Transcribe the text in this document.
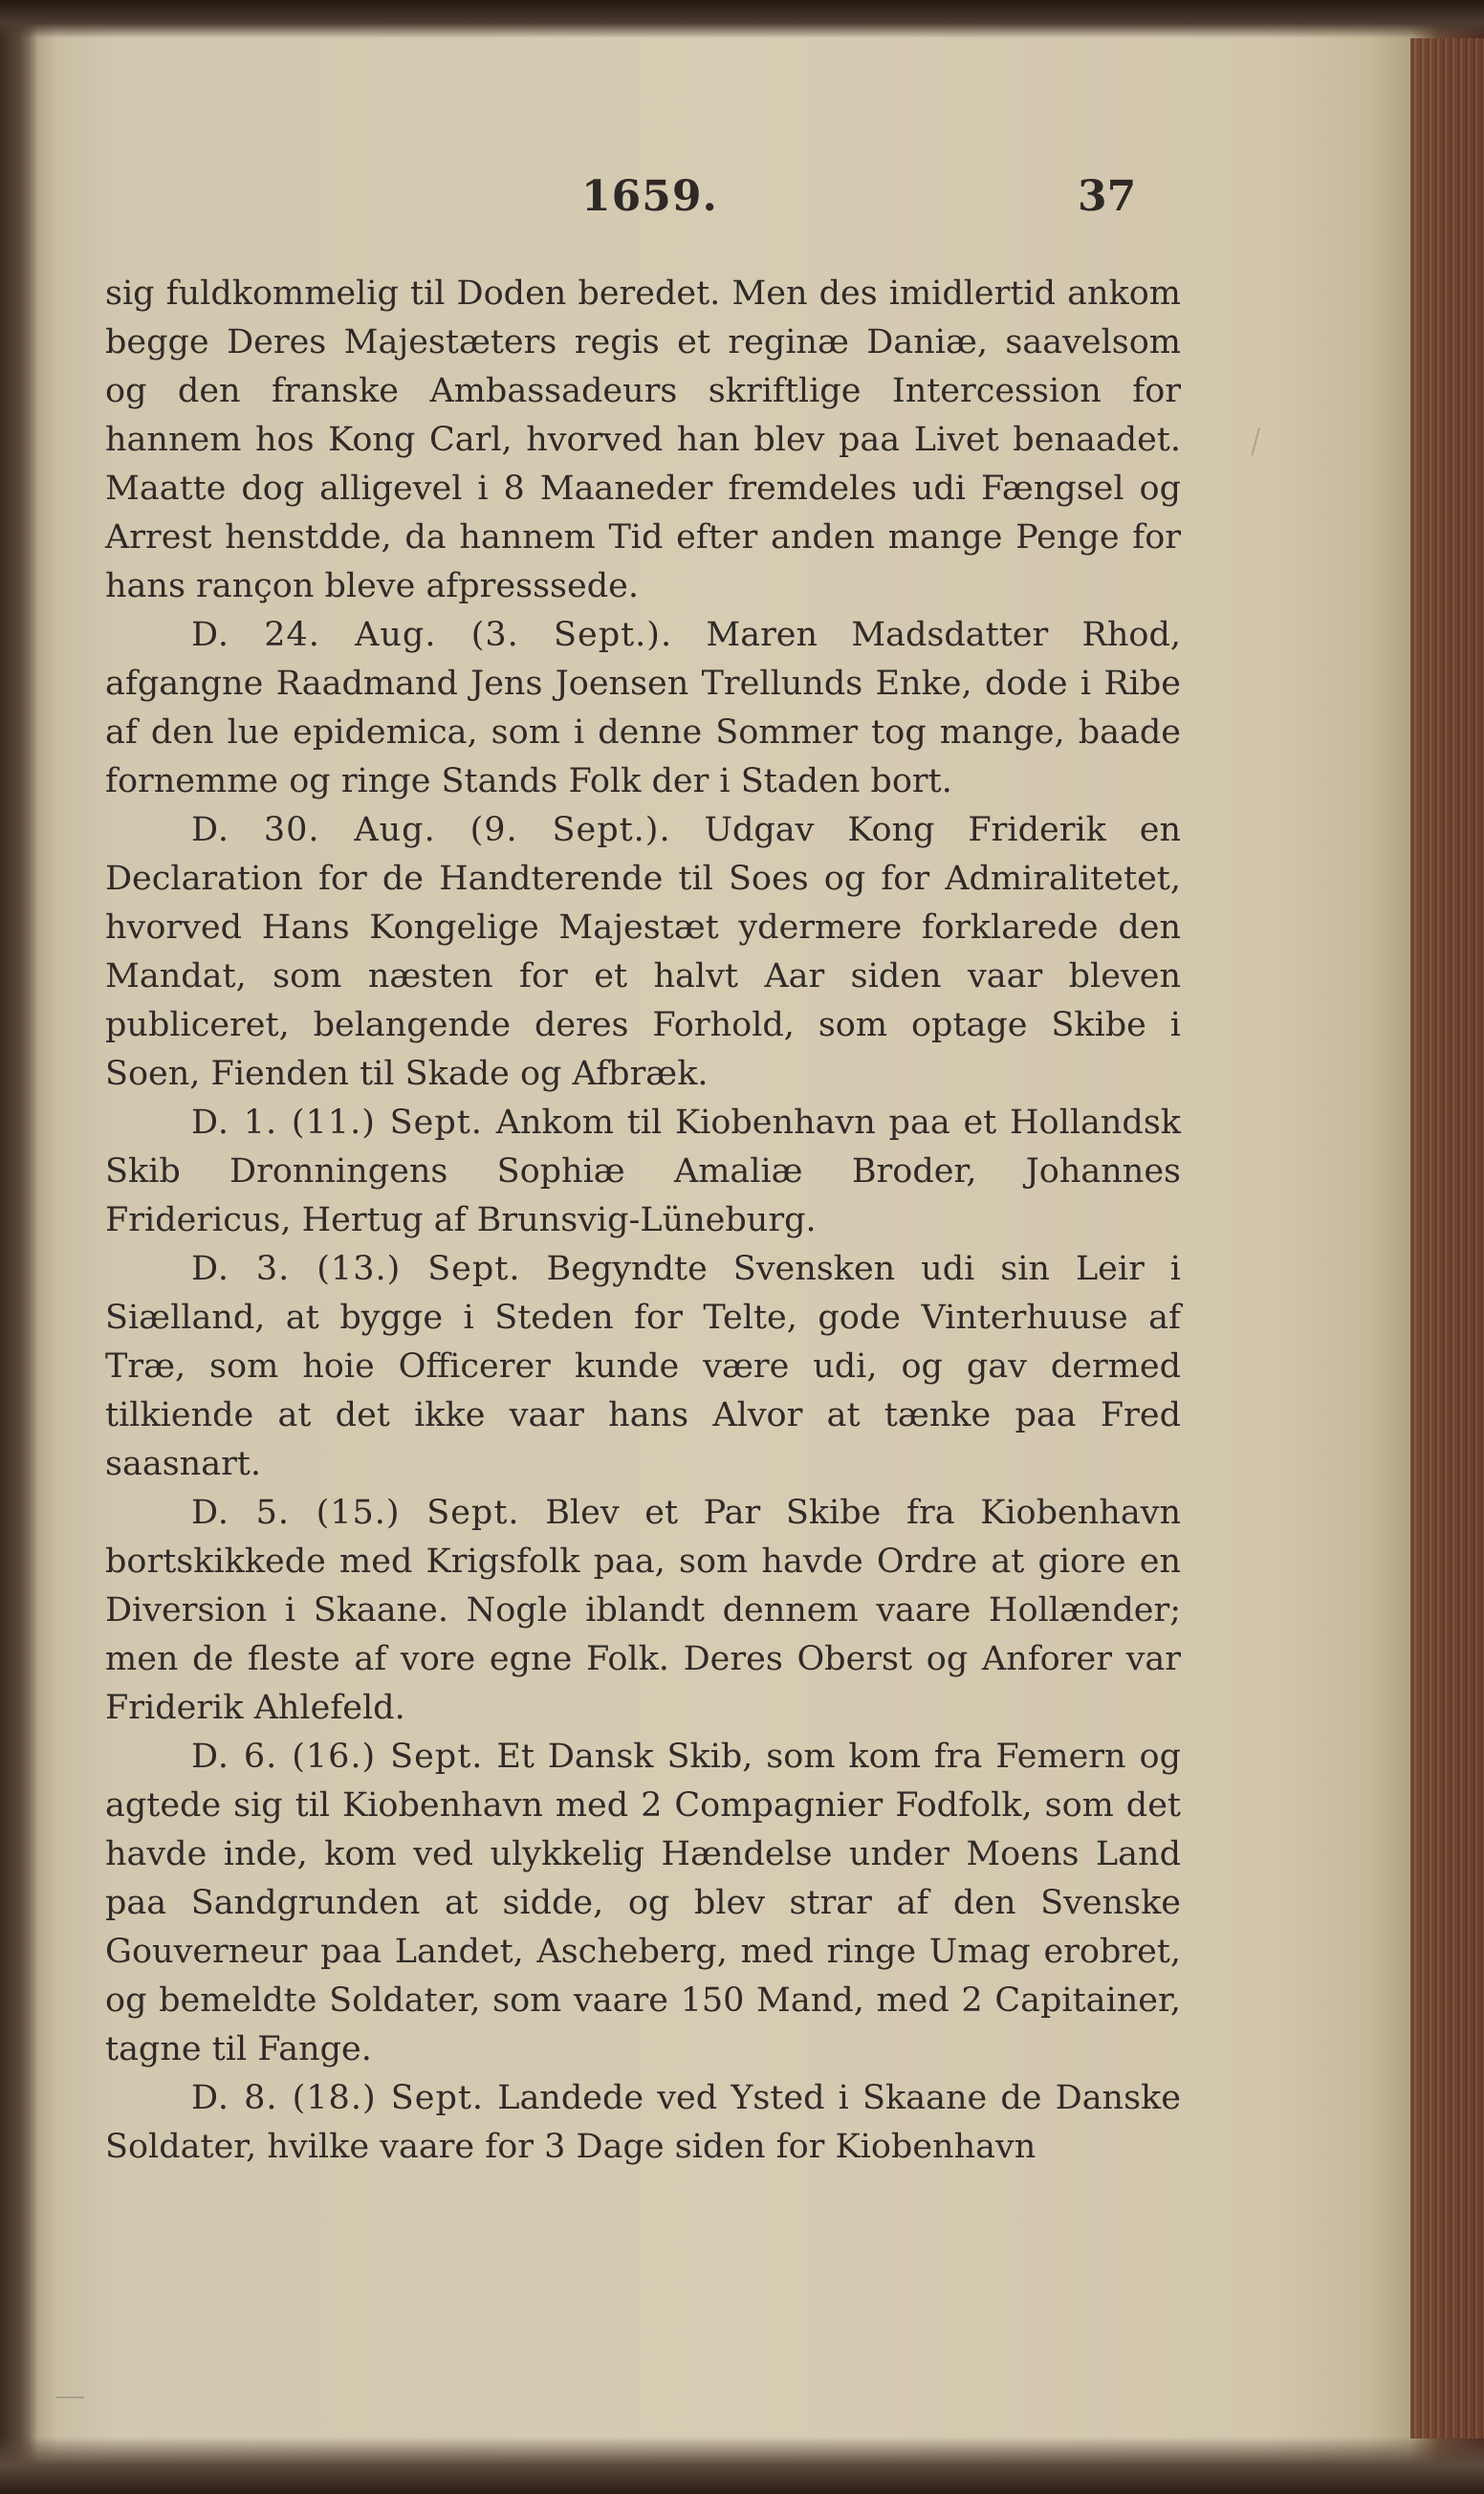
1659.	37

sig fuldkommelig til Doden beredet. Men des imidlertid ankom begge Deres Majestæters regis et reginæ Daniæ, saavelsom og den franske Ambassadeurs skriftlige Intercession for hannem hos Kong Carl, hvorved han blev paa Livet benaadet. Maatte dog alligevel i 8 Maaneder fremdeles udi Fængsel og Arrest henstdde, da hannem Tid efter anden mange Penge for hans rançon bleve afpresssede.

D. 24. Aug. (3. Sept.). Maren Madsdatter Rhod, afgangne Raadmand Jens Joensen Trellunds Enke, dode i Ribe af den lue epidemica, som i denne Sommer tog mange, baade fornemme og ringe Stands Folk der i Staden bort.

D. 30. Aug. (9. Sept.). Udgav Kong Friderik en Declaration for de Handterende til Soes og for Admiralitetet, hvorved Hans Kongelige Majestæt ydermere forklarede den Mandat, som næsten for et halvt Aar siden vaar bleven publiceret, belangende deres Forhold, som optage Skibe i Soen, Fienden til Skade og Afbræk.

D. 1. (11.) Sept. Ankom til Kiobenhavn paa et Hollandsk Skib Dronningens Sophiæ Amaliæ Broder, Johannes Fridericus, Hertug af Brunsvig-Lüneburg.

D. 3. (13.) Sept. Begyndte Svensken udi sin Leir i Siælland, at bygge i Steden for Telte, gode Vinterhuuse af Træ, som hoie Officerer kunde være udi, og gav dermed tilkiende at det ikke vaar hans Alvor at tænke paa Fred saasnart.

D. 5. (15.) Sept. Blev et Par Skibe fra Kiobenhavn bortskikkede med Krigsfolk paa, som havde Ordre at giore en Diversion i Skaane. Nogle iblandt dennem vaare Hollænder; men de fleste af vore egne Folk. Deres Oberst og Anforer var Friderik Ahlefeld.

D. 6. (16.) Sept. Et Dansk Skib, som kom fra Femern og agtede sig til Kiobenhavn med 2 Compagnier Fodfolk, som det havde inde, kom ved ulykkelig Hændelse under Moens Land paa Sandgrunden at sidde, og blev strar af den Svenske Gouverneur paa Landet, Ascheberg, med ringe Umag erobret, og bemeldte Soldater, som vaare 150 Mand, med 2 Capitainer, tagne til Fange.

D. 8. (18.) Sept. Landede ved Ysted i Skaane de Danske Soldater, hvilke vaare for 3 Dage siden for Kiobenhavn
